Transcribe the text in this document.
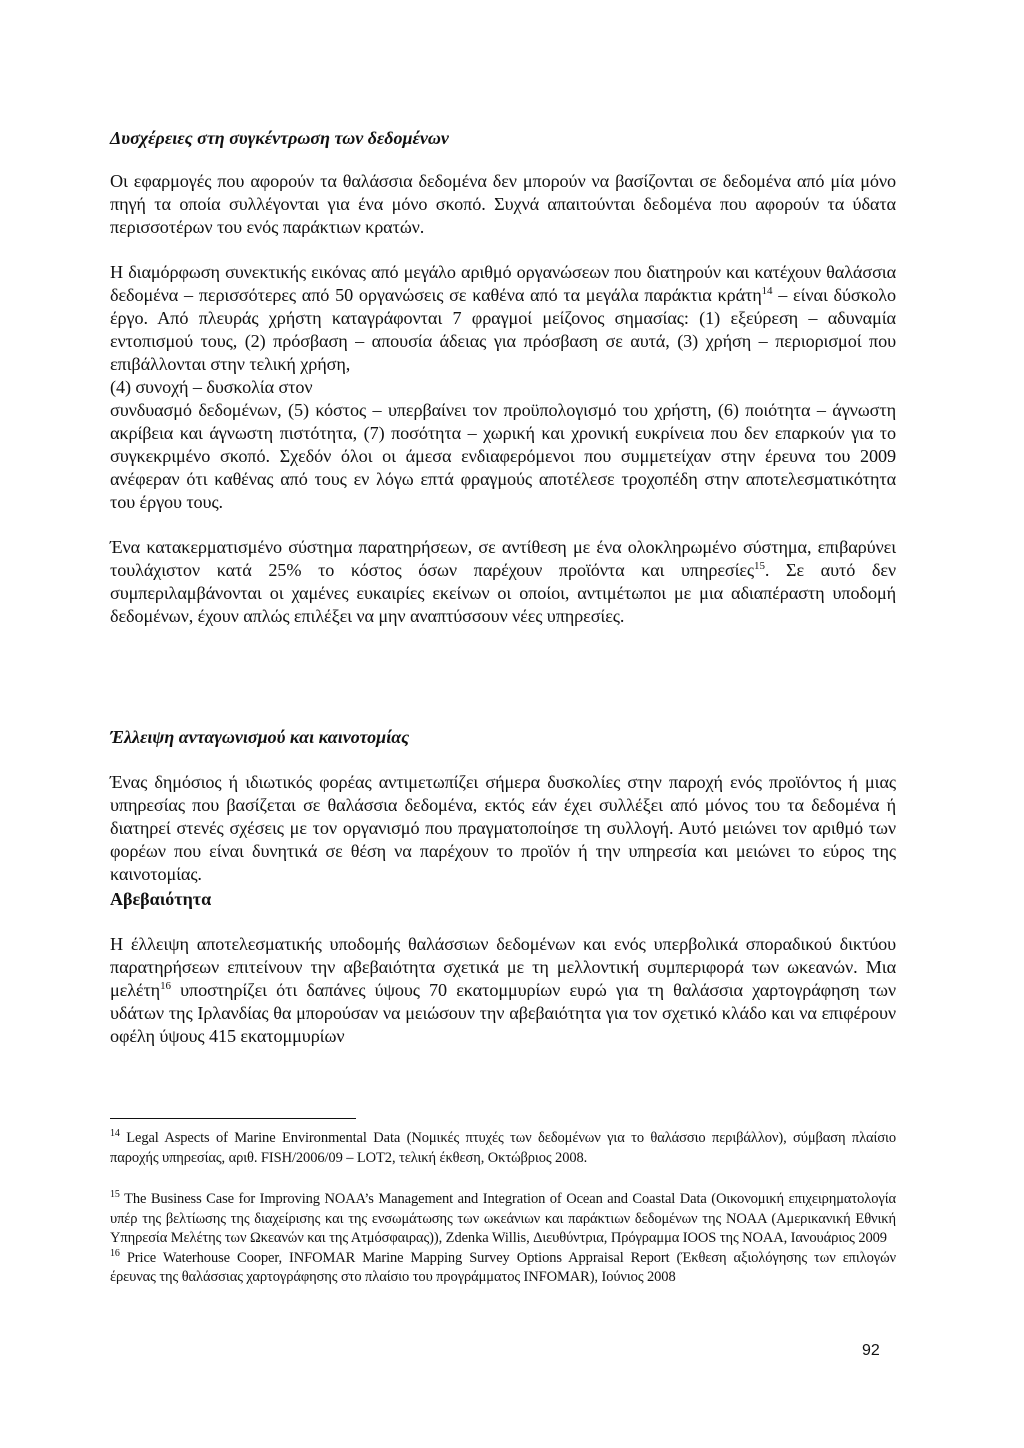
Δυσχέρειες στη συγκέντρωση των δεδομένων

Οι εφαρμογές που αφορούν τα θαλάσσια δεδομένα δεν μπορούν να βασίζονται σε δεδομένα από μία μόνο πηγή τα οποία συλλέγονται για ένα μόνο σκοπό. Συχνά απαιτούνται δεδομένα που αφορούν τα ύδατα περισσοτέρων του ενός παράκτιων κρατών.

Η διαμόρφωση συνεκτικής εικόνας από μεγάλο αριθμό οργανώσεων που διατηρούν και κατέχουν θαλάσσια δεδομένα – περισσότερες από 50 οργανώσεις σε καθένα από τα μεγάλα παράκτια κράτη$^{14}$ – είναι δύσκολο έργο. Από πλευράς χρήστη καταγράφονται 7 φραγμοί μείζονος σημασίας: (1) εξεύρεση – αδυναμία εντοπισμού τους, (2) πρόσβαση – απουσία άδειας για πρόσβαση σε αυτά, (3) χρήση – περιορισμοί που επιβάλλονται στην τελική χρήση,

(4) συνοχή – δυσκολία στον

συνδυασμό δεδομένων, (5) κόστος – υπερβαίνει τον προϋπολογισμό του χρήστη, (6) ποιότητα – άγνωστη ακρίβεια και άγνωστη πιστότητα, (7) ποσότητα – χωρική και χρονική ευκρίνεια που δεν επαρκούν για το συγκεκριμένο σκοπό. Σχεδόν όλοι οι άμεσα ενδιαφερόμενοι που συμμετείχαν στην έρευνα του 2009 ανέφεραν ότι καθένας από τους εν λόγω επτά φραγμούς αποτέλεσε τροχοπέδη στην αποτελεσματικότητα του έργου τους.

Ένα κατακερματισμένο σύστημα παρατηρήσεων, σε αντίθεση με ένα ολοκληρωμένο σύστημα, επιβαρύνει τουλάχιστον κατά 25% το κόστος όσων παρέχουν προϊόντα και υπηρεσίες$^{15}$. Σε αυτό δεν συμπεριλαμβάνονται οι χαμένες ευκαιρίες εκείνων οι οποίοι, αντιμέτωποι με μια αδιαπέραστη υποδομή δεδομένων, έχουν απλώς επιλέξει να μην αναπτύσσουν νέες υπηρεσίες.

Έλλειψη ανταγωνισμού και καινοτομίας

Ένας δημόσιος ή ιδιωτικός φορέας αντιμετωπίζει σήμερα δυσκολίες στην παροχή ενός προϊόντος ή μιας υπηρεσίας που βασίζεται σε θαλάσσια δεδομένα, εκτός εάν έχει συλλέξει από μόνος του τα δεδομένα ή διατηρεί στενές σχέσεις με τον οργανισμό που πραγματοποίησε τη συλλογή. Αυτό μειώνει τον αριθμό των φορέων που είναι δυνητικά σε θέση να παρέχουν το προϊόν ή την υπηρεσία και μειώνει το εύρος της καινοτομίας.

Αβεβαιότητα

Η έλλειψη αποτελεσματικής υποδομής θαλάσσιων δεδομένων και ενός υπερβολικά σποραδικού δικτύου παρατηρήσεων επιτείνουν την αβεβαιότητα σχετικά με τη μελλοντική συμπεριφορά των ωκεανών. Μια μελέτη$^{16}$ υποστηρίζει ότι δαπάνες ύψους 70 εκατομμυρίων ευρώ για τη θαλάσσια χαρτογράφηση των υδάτων της Ιρλανδίας θα μπορούσαν να μειώσουν την αβεβαιότητα για τον σχετικό κλάδο και να επιφέρουν οφέλη ύψους 415 εκατομμυρίων

$^{14}$ Legal Aspects of Marine Environmental Data (Νομικές πτυχές των δεδομένων για το θαλάσσιο περιβάλλον), σύμβαση πλαίσιο παροχής υπηρεσίας, αριθ. FISH/2006/09 – LOT2, τελική έκθεση, Οκτώβριος 2008.

$^{15}$ The Business Case for Improving NOAA’s Management and Integration of Ocean and Coastal Data (Οικονομική επιχειρηματολογία υπέρ της βελτίωσης της διαχείρισης και της ενσωμάτωσης των ωκεάνιων και παράκτιων δεδομένων της NOAA (Αμερικανική Εθνική Υπηρεσία Μελέτης των Ωκεανών και της Ατμόσφαιρας)), Zdenka Willis, Διευθύντρια, Πρόγραμμα IOOS της NOAA, Ιανουάριος 2009

$^{16}$ Price Waterhouse Cooper, INFOMAR Marine Mapping Survey Options Appraisal Report (Έκθεση αξιολόγησης των επιλογών έρευνας της θαλάσσιας χαρτογράφησης στο πλαίσιο του προγράμματος INFOMAR), Ιούνιος 2008

92
